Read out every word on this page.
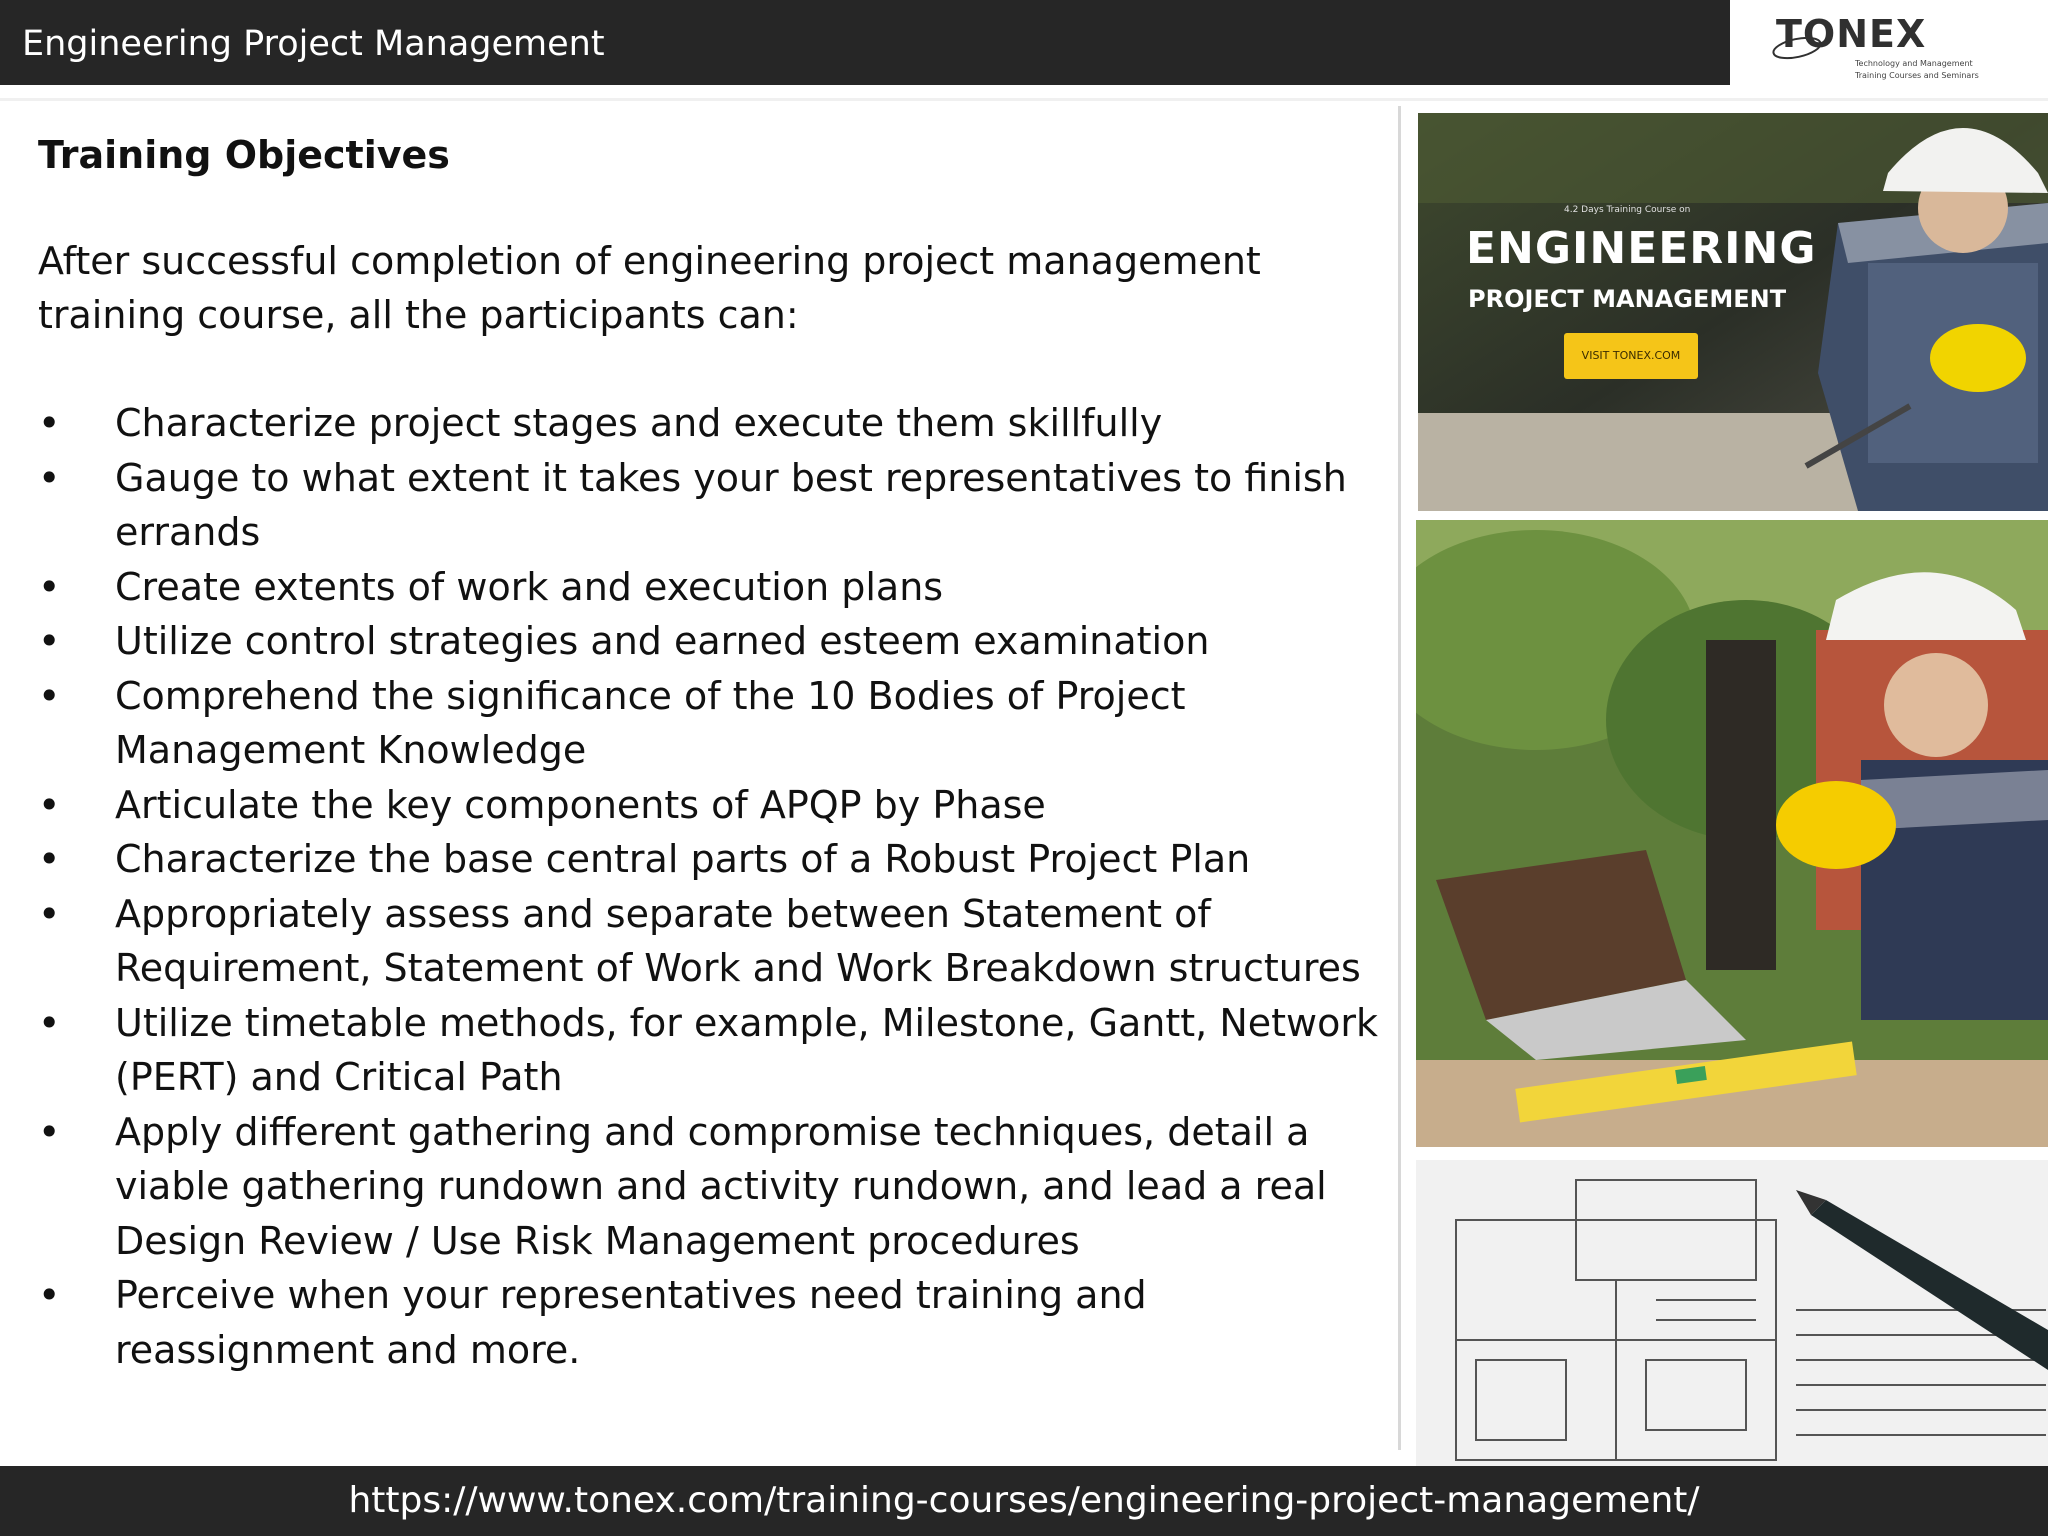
Engineering Project Management	TONEX
Technology and Management
Training Courses and Seminars
Training Objectives

After successful completion of engineering project management training course, all the participants can:

• Characterize project stages and execute them skillfully
• Gauge to what extent it takes your best representatives to finish errands
• Create extents of work and execution plans
• Utilize control strategies and earned esteem examination
• Comprehend the significance of the 10 Bodies of Project Management Knowledge
• Articulate the key components of APQP by Phase
• Characterize the base central parts of a Robust Project Plan
• Appropriately assess and separate between Statement of Requirement, Statement of Work and Work Breakdown structures
• Utilize timetable methods, for example, Milestone, Gantt, Network (PERT) and Critical Path
• Apply different gathering and compromise techniques, detail a viable gathering rundown and activity rundown, and lead a real Design Review / Use Risk Management procedures
• Perceive when your representatives need training and reassignment and more.
4.2 Days Training Course on
ENGINEERING
PROJECT MANAGEMENT
VISIT TONEX.COM
https://www.tonex.com/training-courses/engineering-project-management/
